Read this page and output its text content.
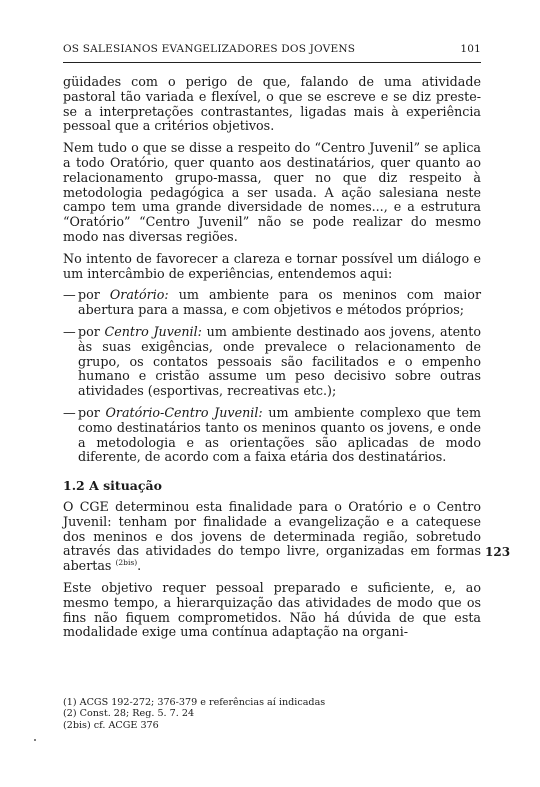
OS SALESIANOS EVANGELIZADORES DOS JOVENS	101

güidades com o perigo de que, falando de uma atividade pastoral tão variada e flexível, o que se escreve e se diz preste-se a interpretações contrastantes, ligadas mais à experiência pessoal que a critérios objetivos.

Nem tudo o que se disse a respeito do “Centro Juvenil” se aplica a todo Oratório, quer quanto aos destinatários, quer quanto ao relacionamento grupo-massa, quer no que diz respeito à metodologia pedagógica a ser usada. A ação salesiana neste campo tem uma grande diversidade de nomes..., e a estrutura “Oratório” “Centro Juvenil” não se pode realizar do mesmo modo nas diversas regiões.

No intento de favorecer a clareza e tornar possível um diálogo e um intercâmbio de experiências, entendemos aqui:

— por Oratório: um ambiente para os meninos com maior abertura para a massa, e com objetivos e métodos próprios;
— por Centro Juvenil: um ambiente destinado aos jovens, atento às suas exigências, onde prevalece o relacionamento de grupo, os contatos pessoais são facilitados e o empenho humano e cristão assume um peso decisivo sobre outras atividades (esportivas, recreativas etc.);
— por Oratório-Centro Juvenil: um ambiente complexo que tem como destinatários tanto os meninos quanto os jovens, e onde a metodologia e as orientações são aplicadas de modo diferente, de acordo com a faixa etária dos destinatários.
1.2 A situação

O CGE determinou esta finalidade para o Oratório e o Centro Juvenil: tenham por finalidade a evangelização e a catequese dos meninos e dos jovens de determinada região, sobretudo através das atividades do tempo livre, organizadas em formas abertas $^{(2bis)}$.

Este objetivo requer pessoal preparado e suficiente, e, ao mesmo tempo, a hierarquização das atividades de modo que os fins não fiquem comprometidos. Não há dúvida de que esta modalidade exige uma contínua adaptação na organi-

123
(1) ACGS 192-272; 376-379 e referências aí indicadas
(2) Const. 28; Reg. 5. 7. 24
(2bis) cf. ACGE 376
